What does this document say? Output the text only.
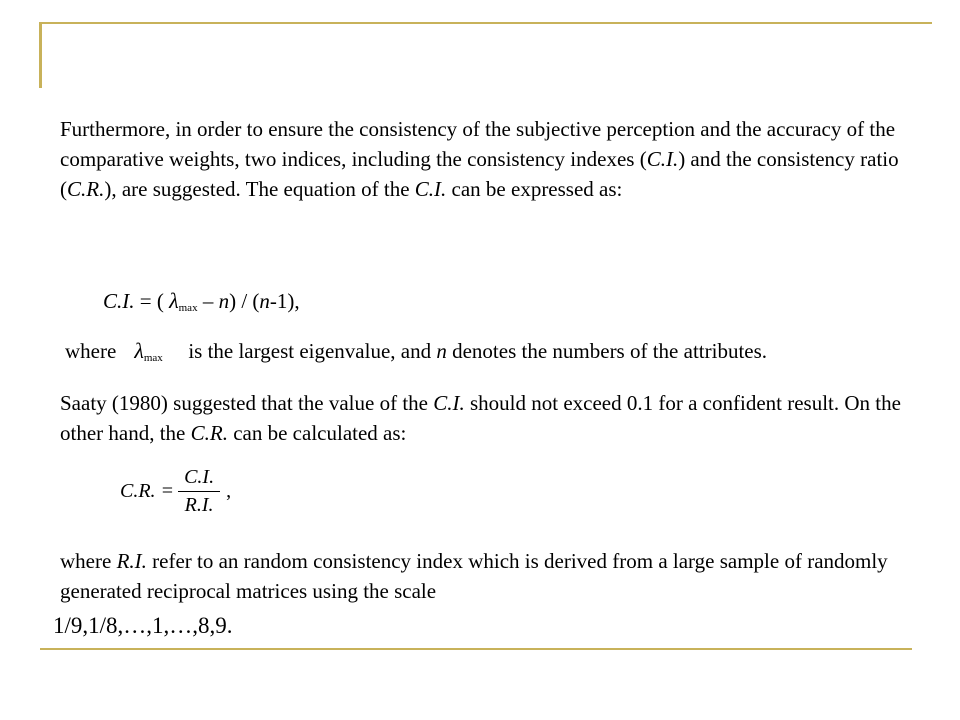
Furthermore, in order to ensure the consistency of the subjective perception and the accuracy of the comparative weights, two indices, including the consistency indexes (C.I.) and the consistency ratio (C.R.), are suggested. The equation of the C.I. can be expressed as:

C.I. = ( λmax – n) / (n-1),
where λmax is the largest eigenvalue, and n denotes the numbers of the attributes.

Saaty (1980) suggested that the value of the C.I. should not exceed 0.1 for a confident result. On the other hand, the C.R. can be calculated as:

C.R. = $\frac{C.I.}{R.I.}$ ,

where R.I. refer to an random consistency index which is derived from a large sample of randomly generated reciprocal matrices using the scale

1/9,1/8,…,1,…,8,9.
